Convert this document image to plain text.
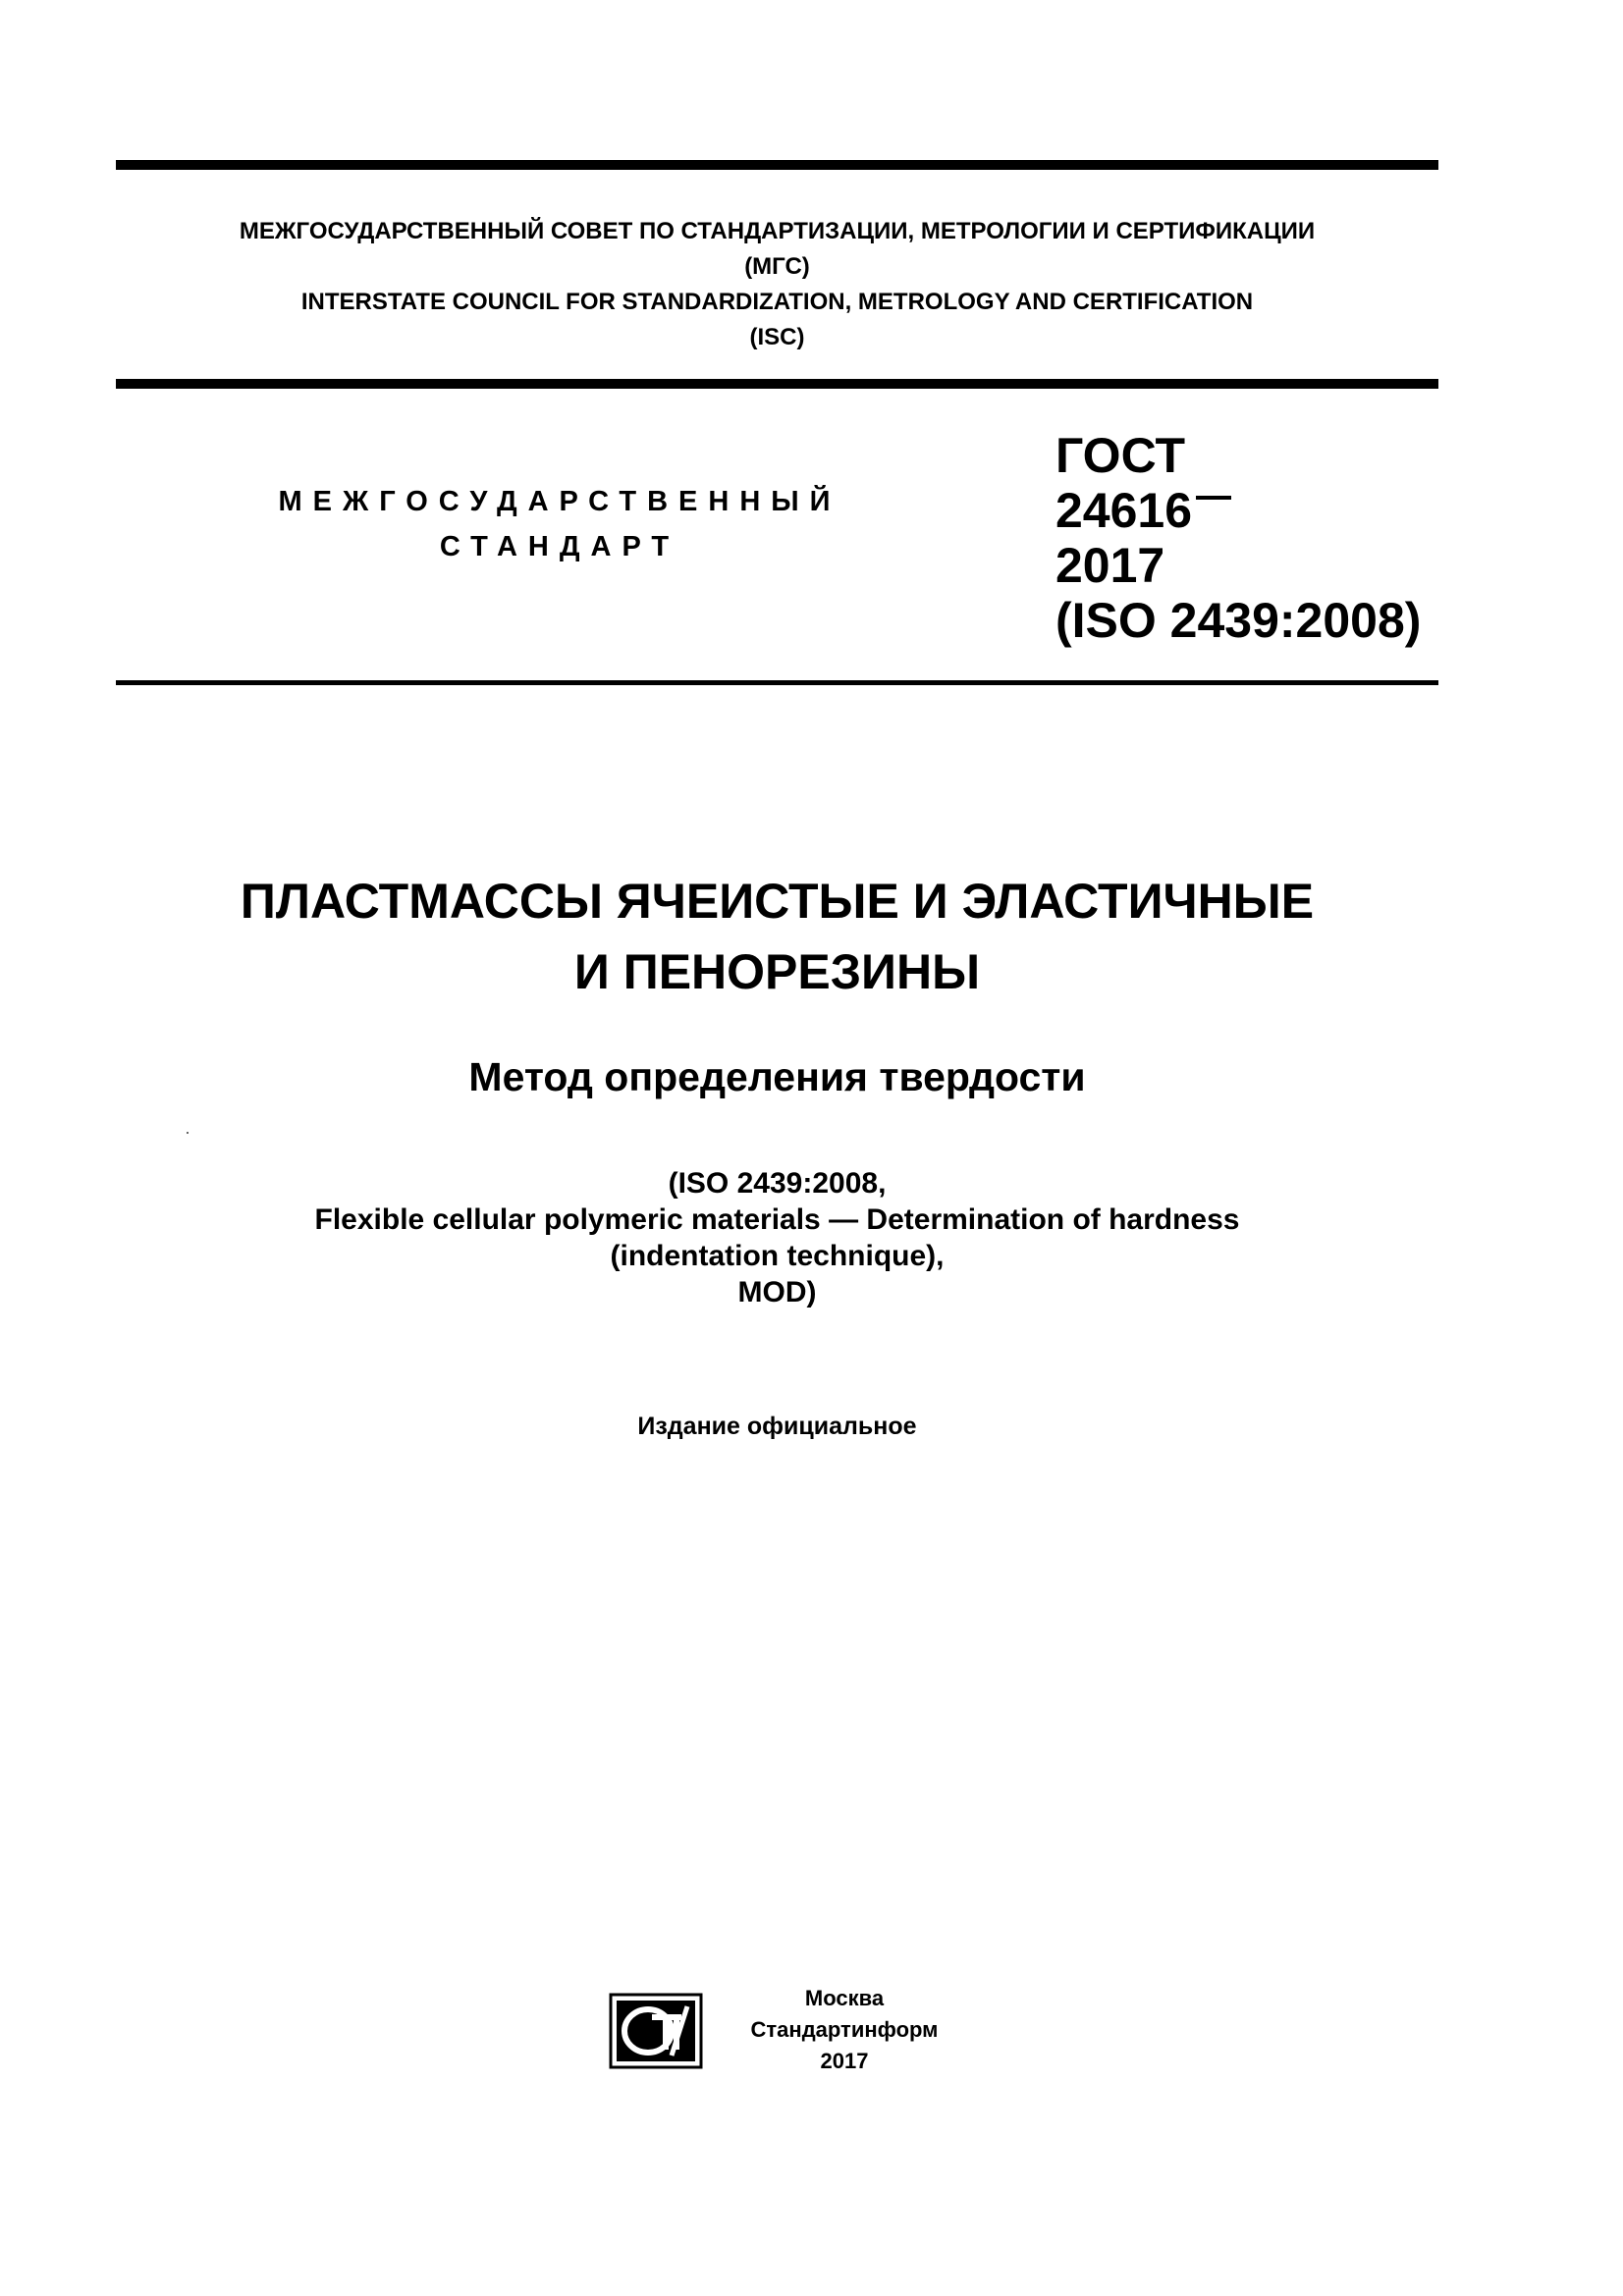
МЕЖГОСУДАРСТВЕННЫЙ СОВЕТ ПО СТАНДАРТИЗАЦИИ, МЕТРОЛОГИИ И СЕРТИФИКАЦИИ
(МГС)
INTERSTATE COUNCIL FOR STANDARDIZATION, METROLOGY AND CERTIFICATION
(ISC)
МЕЖГОСУДАРСТВЕННЫЙ
СТАНДАРТ
ГОСТ
24616
2017
(ISO 2439:2008)
ПЛАСТМАССЫ ЯЧЕИСТЫЕ И ЭЛАСТИЧНЫЕ
И ПЕНОРЕЗИНЫ
Метод определения твердости
(ISO 2439:2008,
Flexible cellular polymeric materials — Determination of hardness
(indentation technique),
MOD)
Издание официальное
Москва
Стандартинформ
2017
